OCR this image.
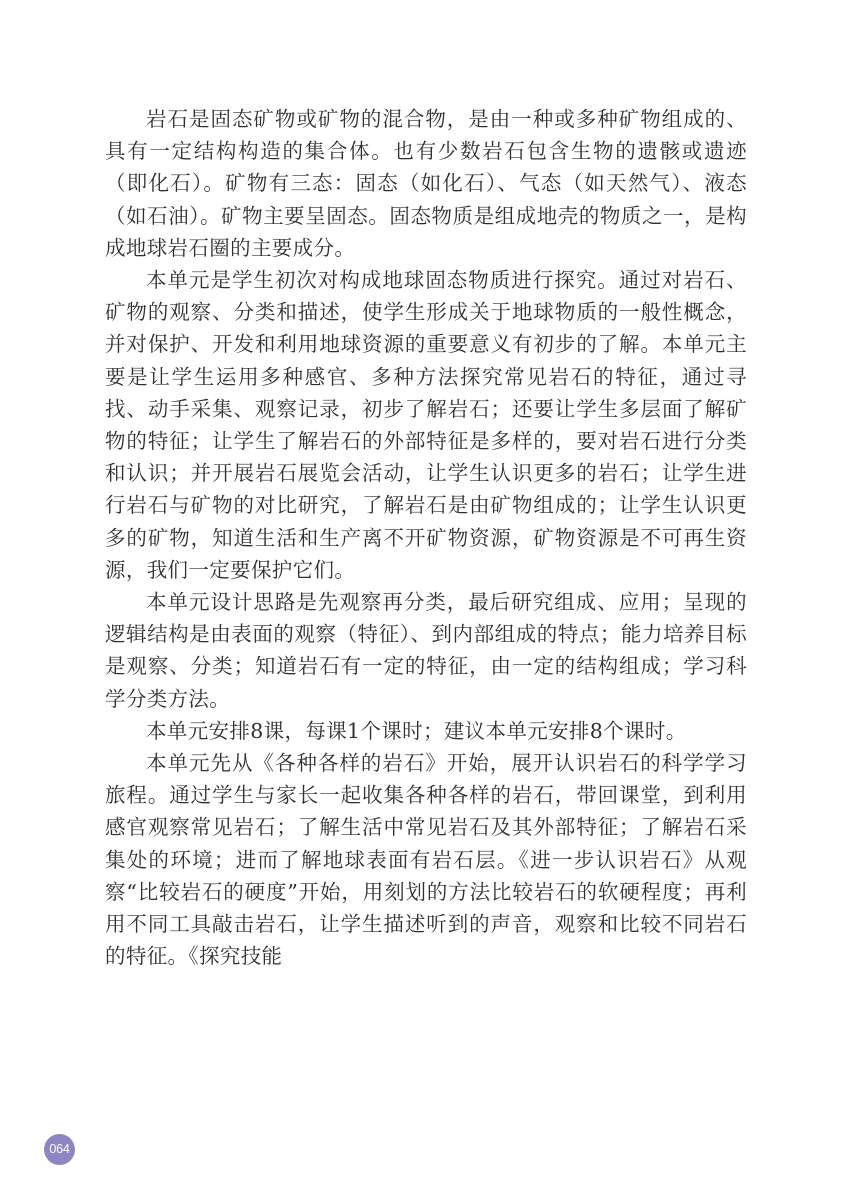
岩石是固态矿物或矿物的混合物，是由一种或多种矿物组成的、具有一定结构构造的集合体。也有少数岩石包含生物的遗骸或遗迹（即化石）。矿物有三态：固态（如化石）、气态（如天然气）、液态（如石油）。矿物主要呈固态。固态物质是组成地壳的物质之一，是构成地球岩石圈的主要成分。

本单元是学生初次对构成地球固态物质进行探究。通过对岩石、矿物的观察、分类和描述，使学生形成关于地球物质的一般性概念，并对保护、开发和利用地球资源的重要意义有初步的了解。本单元主要是让学生运用多种感官、多种方法探究常见岩石的特征，通过寻找、动手采集、观察记录，初步了解岩石；还要让学生多层面了解矿物的特征；让学生了解岩石的外部特征是多样的，要对岩石进行分类和认识；并开展岩石展览会活动，让学生认识更多的岩石；让学生进行岩石与矿物的对比研究，了解岩石是由矿物组成的；让学生认识更多的矿物，知道生活和生产离不开矿物资源，矿物资源是不可再生资源，我们一定要保护它们。

本单元设计思路是先观察再分类，最后研究组成、应用；呈现的逻辑结构是由表面的观察（特征）、到内部组成的特点；能力培养目标是观察、分类；知道岩石有一定的特征，由一定的结构组成；学习科学分类方法。

本单元安排8课，每课1个课时；建议本单元安排8个课时。

本单元先从《各种各样的岩石》开始，展开认识岩石的科学学习旅程。通过学生与家长一起收集各种各样的岩石，带回课堂，到利用感官观察常见岩石；了解生活中常见岩石及其外部特征；了解岩石采集处的环境；进而了解地球表面有岩石层。《进一步认识岩石》从观察“比较岩石的硬度”开始，用刻划的方法比较岩石的软硬程度；再利用不同工具敲击岩石，让学生描述听到的声音，观察和比较不同岩石的特征。《探究技能

064
